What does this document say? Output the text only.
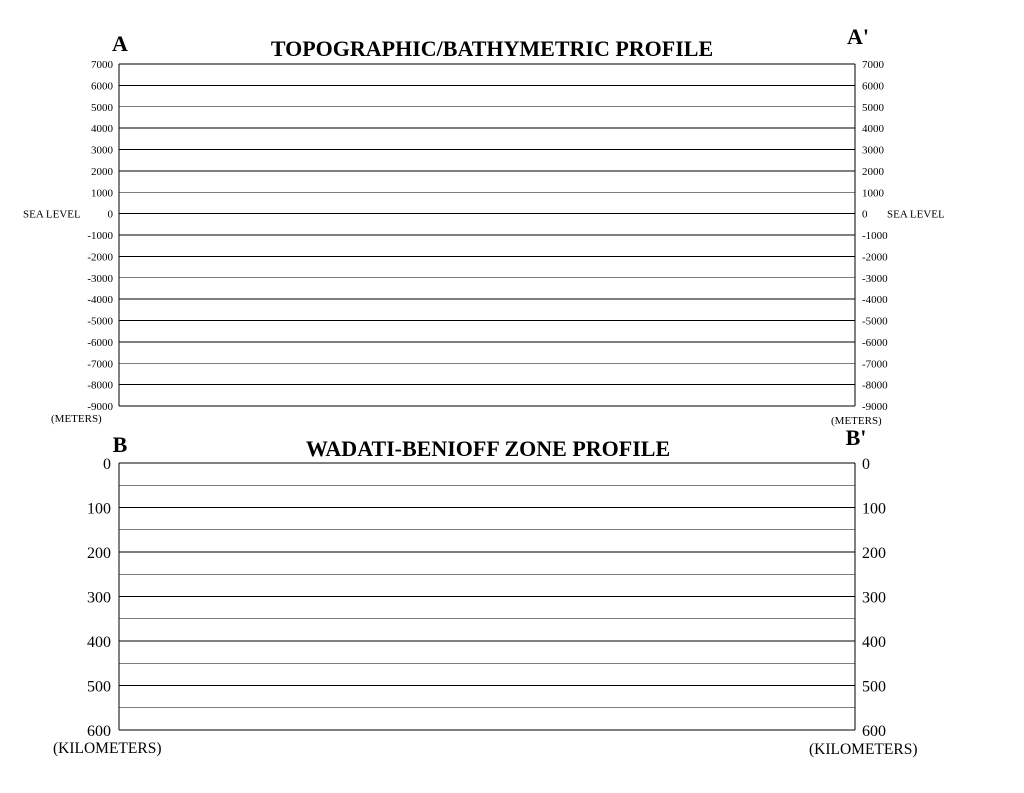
A	TOPOGRAPHIC/BATHYMETRIC PROFILE	A'
7000
6000
5000
4000
3000
2000
1000
0
SEA LEVEL
-1000
-2000
-3000
-4000
-5000
-6000
-7000
-8000
-9000
7000
6000
5000
4000
3000
2000
1000
0 SEA LEVEL
-1000
-2000
-3000
-4000
-5000
-6000
-7000
-8000
-9000
(METERS)	(METERS)
B	WADATI-BENIOFF ZONE PROFILE	B'
0
100
200
300
400
500
600
0
100
200
300
400
500
600
(KILOMETERS)	(KILOMETERS)
